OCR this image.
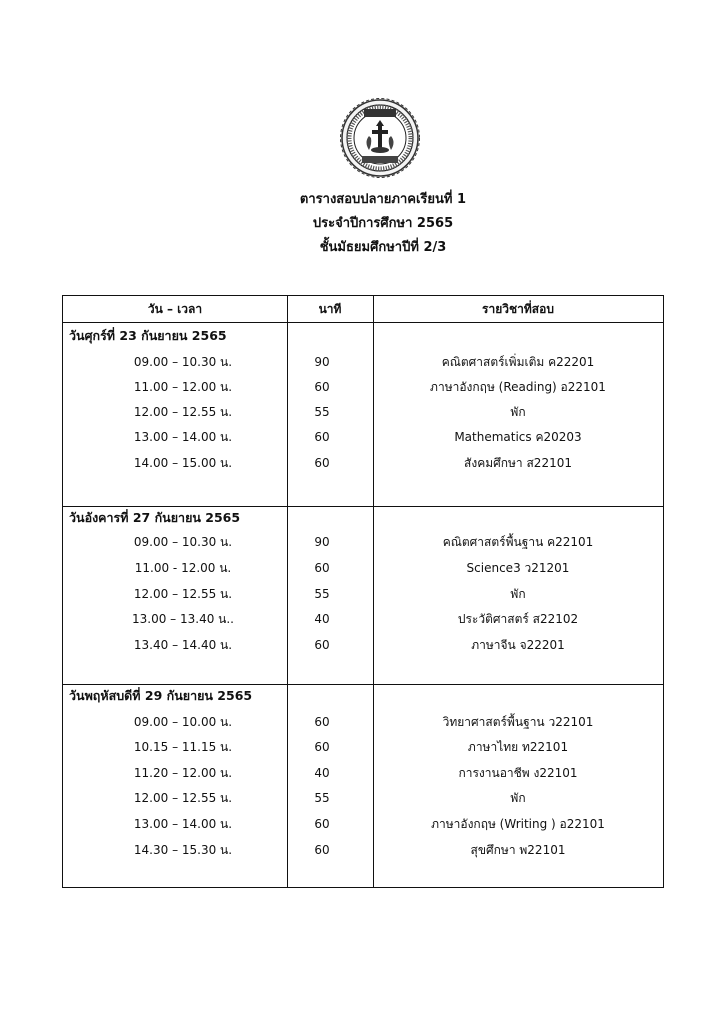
ตารางสอบปลายภาคเรียนที่ 1
ประจำปีการศึกษา 2565
ชั้นมัธยมศึกษาปีที่ 2/3
วัน – เวลา	นาที	รายวิชาที่สอบ
วันศุกร์ที่ 23 กันยายน 2565
09.00 – 10.30 น.	90	คณิตศาสตร์เพิ่มเติม ค22201
11.00 – 12.00 น.	60	ภาษาอังกฤษ (Reading) อ22101
12.00 – 12.55 น.	55	พัก
13.00 – 14.00 น.	60	Mathematics ค20203
14.00 – 15.00 น.	60	สังคมศึกษา ส22101
วันอังคารที่ 27 กันยายน 2565
09.00 – 10.30 น.	90	คณิตศาสตร์พื้นฐาน ค22101
11.00 - 12.00 น.	60	Science3 ว21201
12.00 – 12.55 น.	55	พัก
13.00 – 13.40 น..	40	ประวัติศาสตร์ ส22102
13.40 – 14.40 น.	60	ภาษาจีน จ22201
วันพฤหัสบดีที่ 29 กันยายน 2565
09.00 – 10.00 น.	60	วิทยาศาสตร์พื้นฐาน ว22101
10.15 – 11.15 น.	60	ภาษาไทย ท22101
11.20 – 12.00 น.	40	การงานอาชีพ ง22101
12.00 – 12.55 น.	55	พัก
13.00 – 14.00 น.	60	ภาษาอังกฤษ (Writing ) อ22101
14.30 – 15.30 น.	60	สุขศึกษา พ22101
